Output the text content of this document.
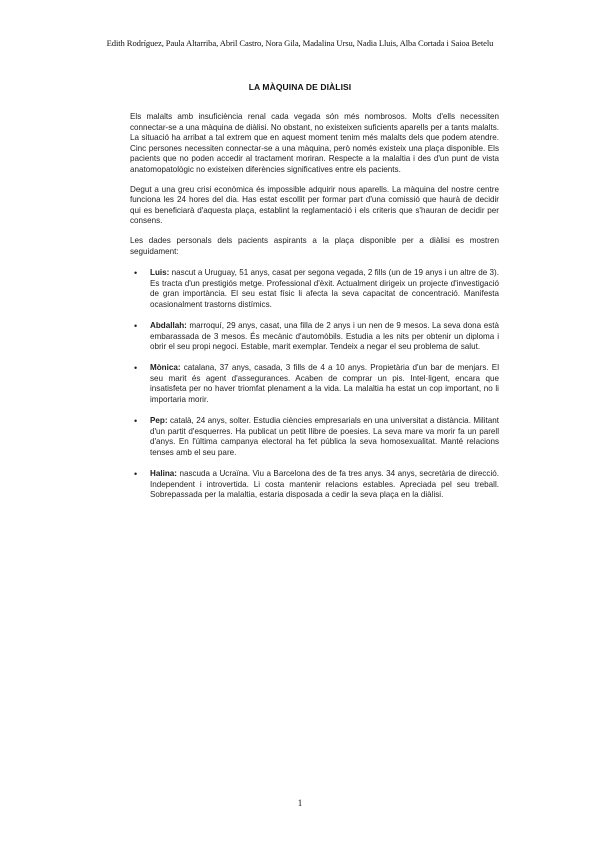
Edith Rodríguez, Paula Altarriba, Abril Castro, Nora Gila, Madalina Ursu, Nadia Lluis, Alba Cortada i Saioa Betelu
LA MÀQUINA DE DIÀLISI

Els malalts amb insuficiència renal cada vegada són més nombrosos. Molts d'ells necessiten connectar-se a una màquina de diàlisi. No obstant, no existeixen suficients aparells per a tants malalts. La situació ha arribat a tal extrem que en aquest moment tenim més malalts dels que podem atendre. Cinc persones necessiten connectar-se a una màquina, però només existeix una plaça disponible. Els pacients que no poden accedir al tractament moriran. Respecte a la malaltia i des d'un punt de vista anatomopatològic no existeixen diferències significatives entre els pacients.

Degut a una greu crisi econòmica és impossible adquirir nous aparells. La màquina del nostre centre funciona les 24 hores del dia. Has estat escollit per formar part d'una comissió que haurà de decidir qui es beneficiarà d'aquesta plaça, establint la reglamentació i els criteris que s'hauran de decidir per consens.

Les dades personals dels pacients aspirants a la plaça disponible per a diàlisi es mostren seguidament:

• Luis: nascut a Uruguay, 51 anys, casat per segona vegada, 2 fills (un de 19 anys i un altre de 3). Es tracta d'un prestigiós metge. Professional d'èxit. Actualment dirigeix un projecte d'investigació de gran importància. El seu estat físic li afecta la seva capacitat de concentració. Manifesta ocasionalment trastorns distímics.
• Abdallah: marroquí, 29 anys, casat, una filla de 2 anys i un nen de 9 mesos. La seva dona està embarassada de 3 mesos. És mecànic d'automòbils. Estudia a les nits per obtenir un diploma i obrir el seu propi negoci. Estable, marit exemplar. Tendeix a negar el seu problema de salut.
• Mònica: catalana, 37 anys, casada, 3 fills de 4 a 10 anys. Propietària d'un bar de menjars. El seu marit és agent d'assegurances. Acaben de comprar un pis. Intel·ligent, encara que insatisfeta per no haver triomfat plenament a la vida. La malaltia ha estat un cop important, no li importaria morir.
• Pep: català, 24 anys, solter. Estudia ciències empresarials en una universitat a distància. Militant d'un partit d'esquerres. Ha publicat un petit llibre de poesies. La seva mare va morir fa un parell d'anys. En l'última campanya electoral ha fet pública la seva homosexualitat. Manté relacions tenses amb el seu pare.
• Halina: nascuda a Ucraïna. Viu a Barcelona des de fa tres anys. 34 anys, secretària de direcció. Independent i introvertida. Li costa mantenir relacions estables. Apreciada pel seu treball. Sobrepassada per la malaltia, estaria disposada a cedir la seva plaça en la diàlisi.
1
